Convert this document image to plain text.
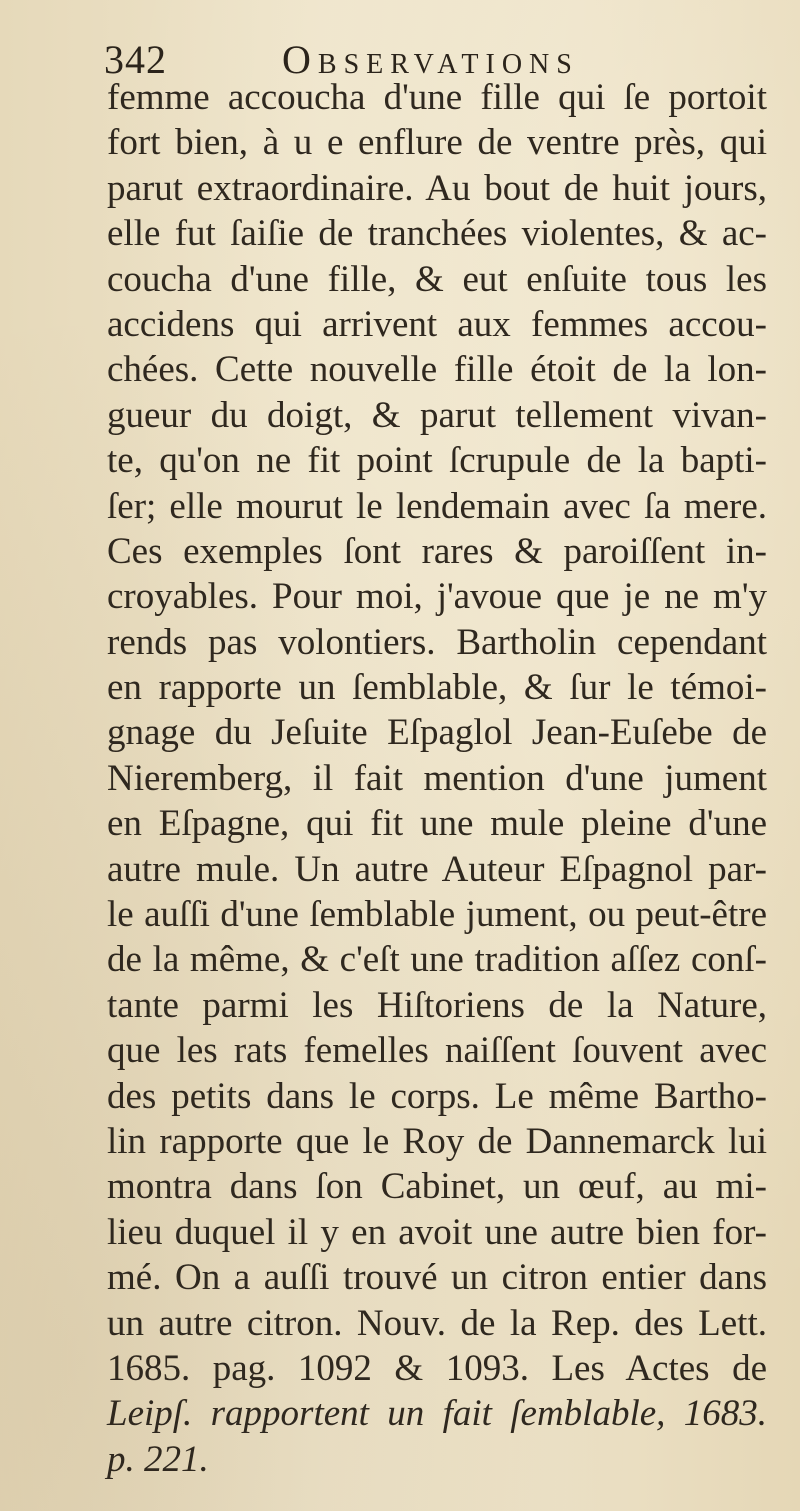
342	Observations
femme accoucha d'une fille qui ſe portoit
fort bien, à u e enflure de ventre près, qui
parut extraordinaire. Au bout de huit jours,
elle fut ſaiſie de tranchées violentes, & ac-
coucha d'une fille, & eut enſuite tous les
accidens qui arrivent aux femmes accou-
chées. Cette nouvelle fille étoit de la lon-
gueur du doigt, & parut tellement vivan-
te, qu'on ne fit point ſcrupule de la bapti-
ſer; elle mourut le lendemain avec ſa mere.
Ces exemples ſont rares & paroiſſent in-
croyables. Pour moi, j'avoue que je ne m'y
rends pas volontiers. Bartholin cependant
en rapporte un ſemblable, & ſur le témoi-
gnage du Jeſuite Eſpaglol Jean-Euſebe de
Nieremberg, il fait mention d'une jument
en Eſpagne, qui fit une mule pleine d'une
autre mule. Un autre Auteur Eſpagnol par-
le auſſi d'une ſemblable jument, ou peut-être
de la même, & c'eſt une tradition aſſez conſ-
tante parmi les Hiſtoriens de la Nature,
que les rats femelles naiſſent ſouvent avec
des petits dans le corps. Le même Bartho-
lin rapporte que le Roy de Dannemarck lui
montra dans ſon Cabinet, un œuf, au mi-
lieu duquel il y en avoit une autre bien for-
mé. On a auſſi trouvé un citron entier dans
un autre citron. Nouv. de la Rep. des Lett.
1685. pag. 1092 & 1093. Les Actes de
Leipſ. rapportent un fait ſemblable, 1683.
p. 221.
